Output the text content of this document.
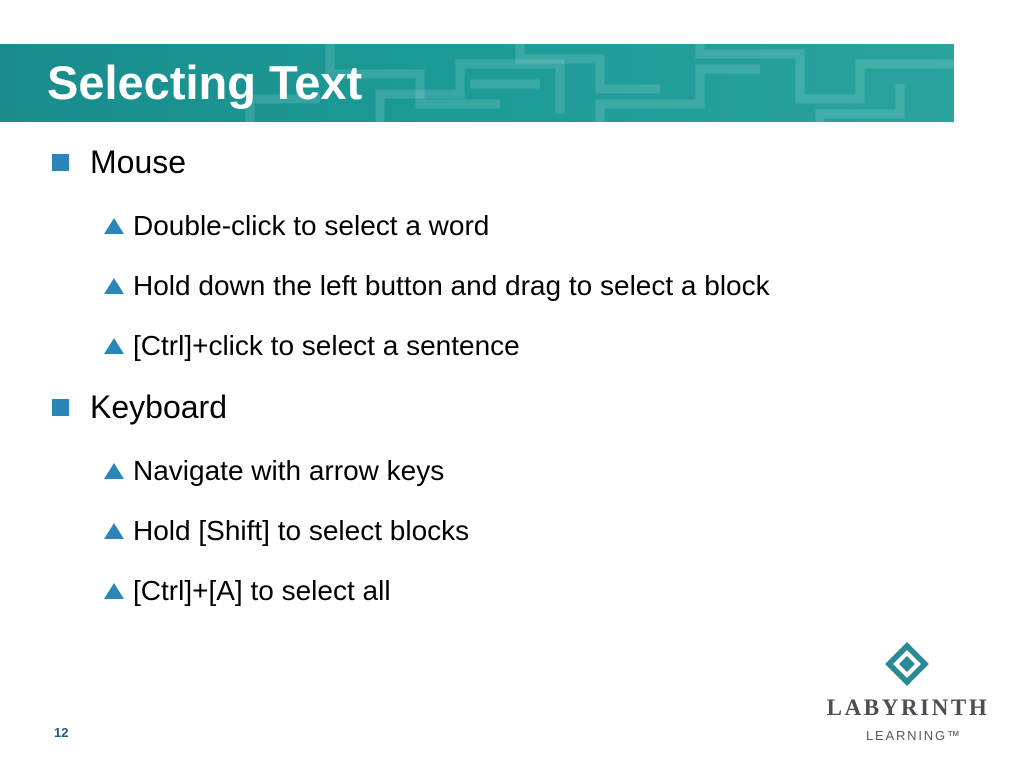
Selecting Text
Mouse
Double-click to select a word
Hold down the left button and drag to select a block
[Ctrl]+click to select a sentence
Keyboard
Navigate with arrow keys
Hold [Shift] to select blocks
[Ctrl]+[A] to select all
12
LABYRINTH
LEARNING™
